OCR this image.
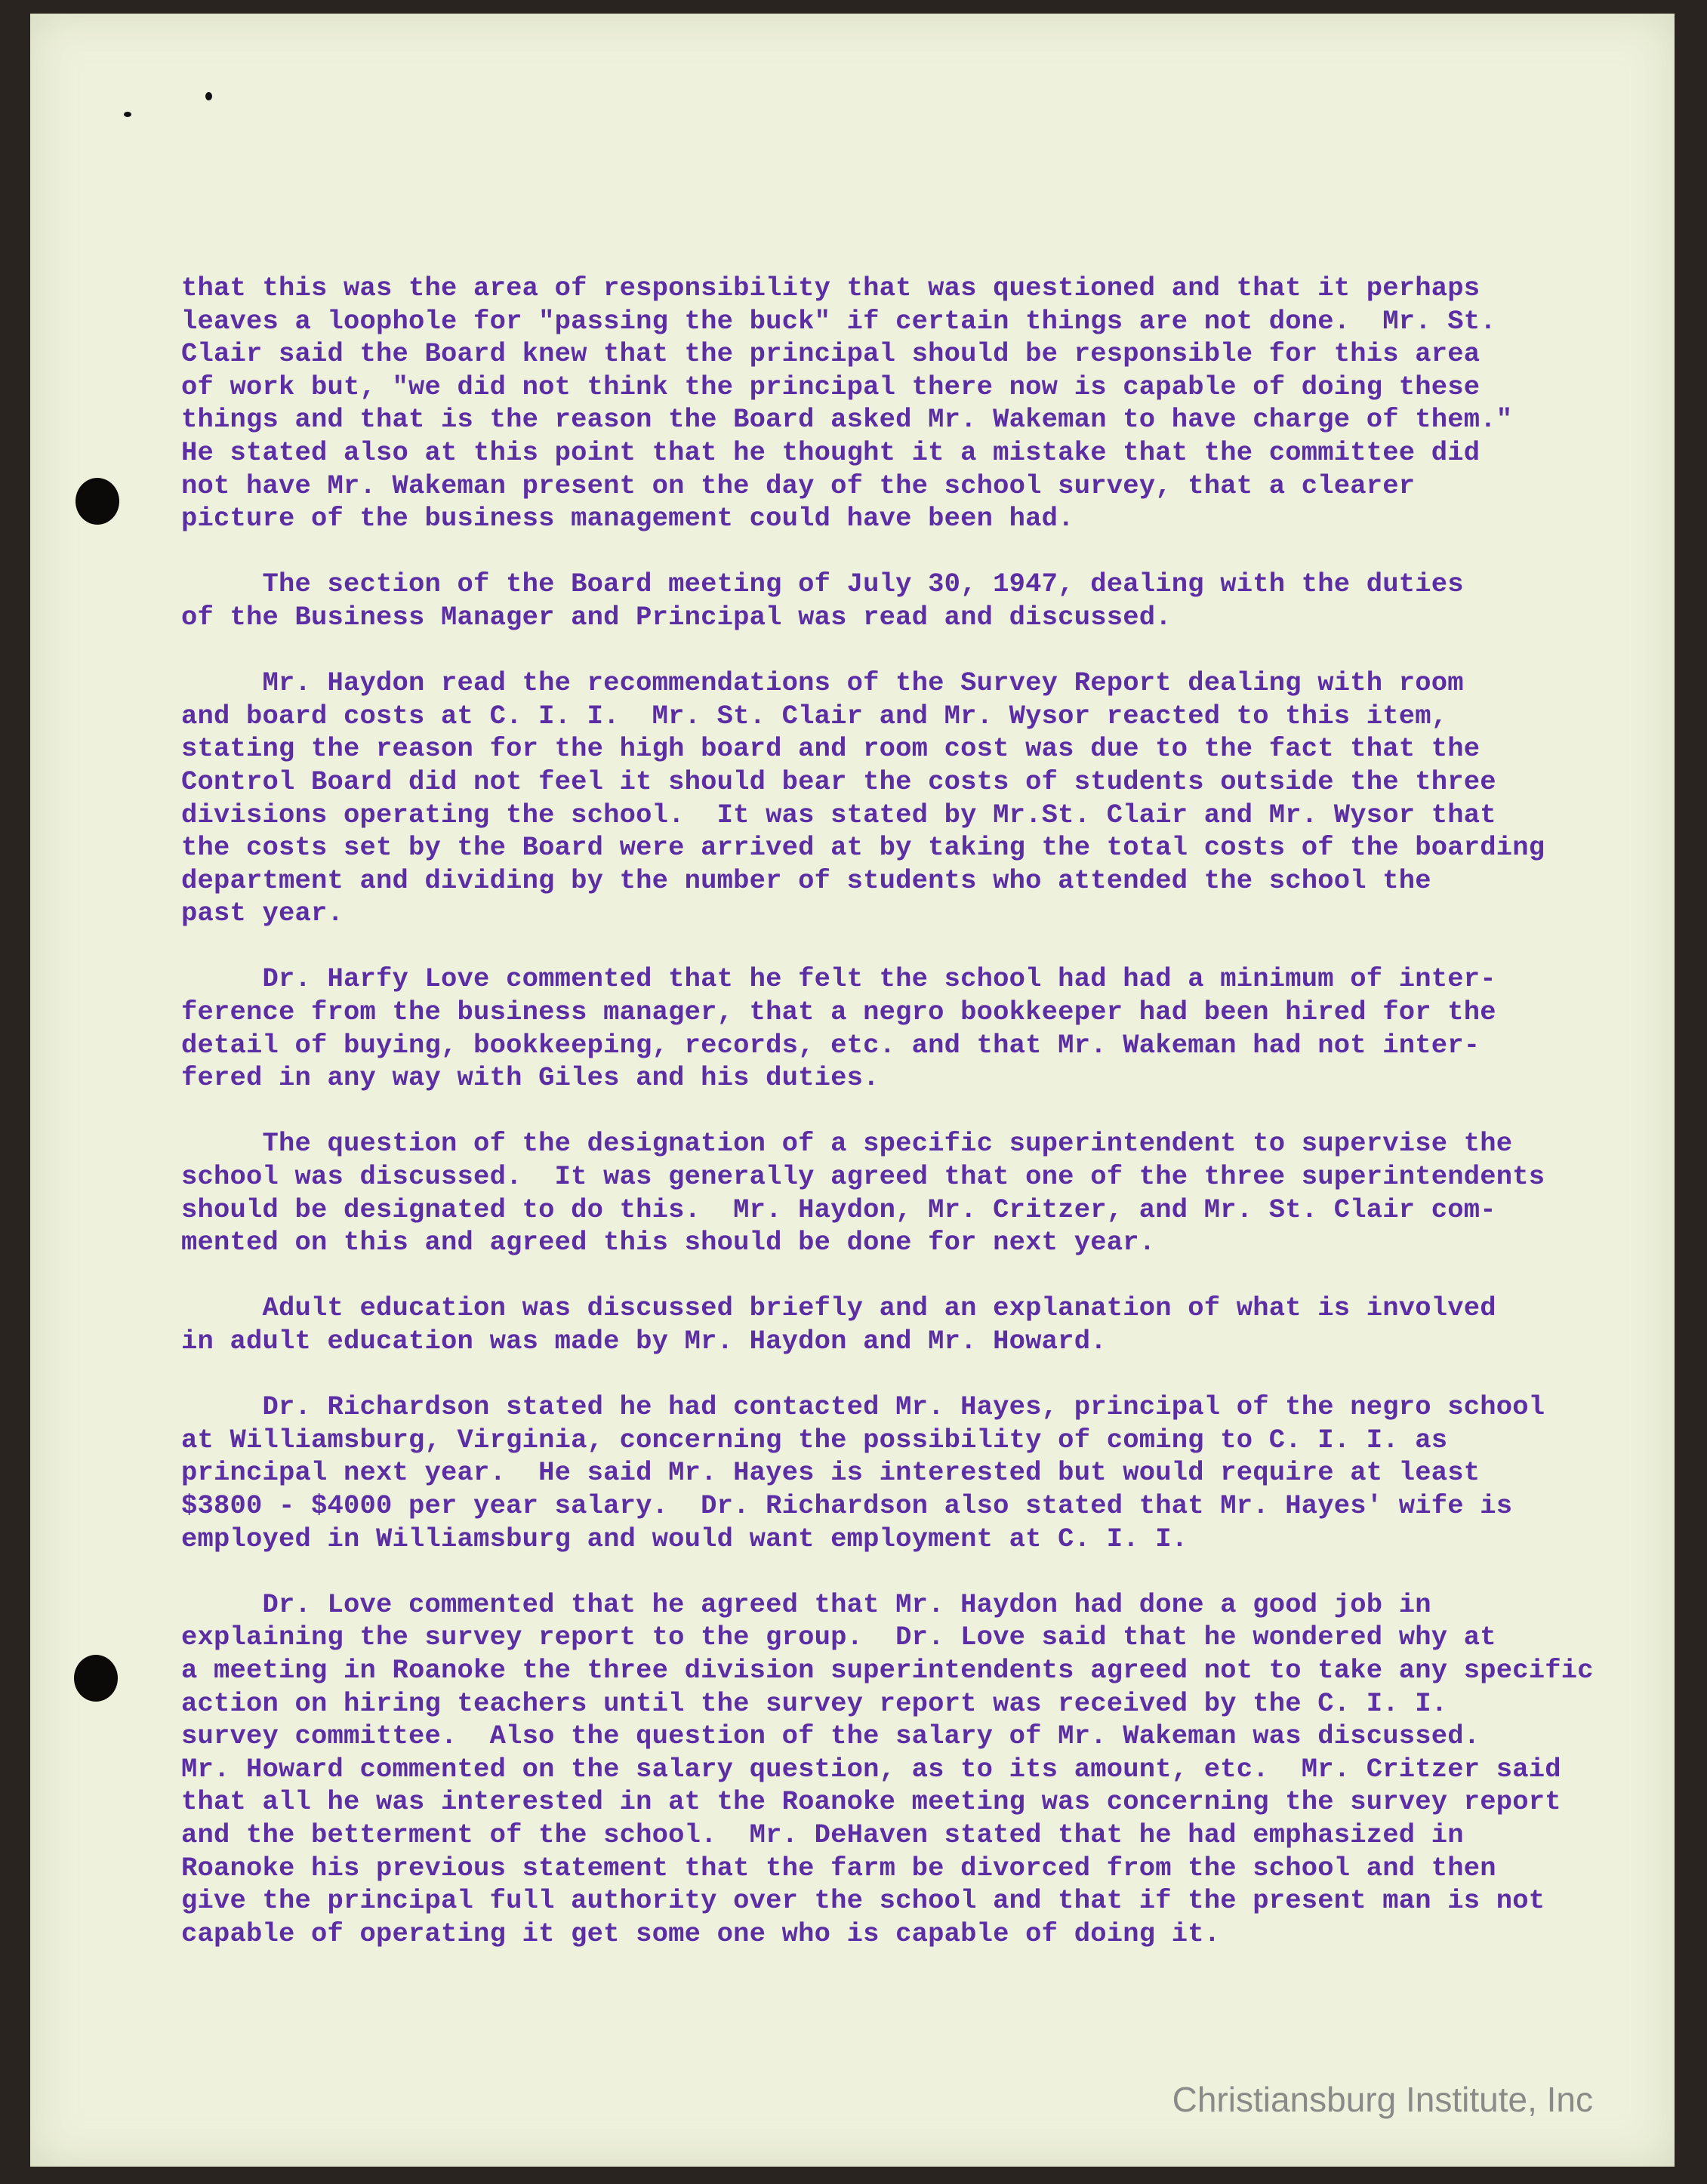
that this was the area of responsibility that was questioned and that it perhaps
leaves a loophole for "passing the buck" if certain things are not done.  Mr. St.
Clair said the Board knew that the principal should be responsible for this area
of work but, "we did not think the principal there now is capable of doing these
things and that is the reason the Board asked Mr. Wakeman to have charge of them."
He stated also at this point that he thought it a mistake that the committee did
not have Mr. Wakeman present on the day of the school survey, that a clearer
picture of the business management could have been had.
The section of the Board meeting of July 30, 1947, dealing with the duties
of the Business Manager and Principal was read and discussed.
Mr. Haydon read the recommendations of the Survey Report dealing with room
and board costs at C. I. I.  Mr. St. Clair and Mr. Wysor reacted to this item,
stating the reason for the high board and room cost was due to the fact that the
Control Board did not feel it should bear the costs of students outside the three
divisions operating the school.  It was stated by Mr.St. Clair and Mr. Wysor that
the costs set by the Board were arrived at by taking the total costs of the boarding
department and dividing by the number of students who attended the school the
past year.
Dr. Harfy Love commented that he felt the school had had a minimum of inter-
ference from the business manager, that a negro bookkeeper had been hired for the
detail of buying, bookkeeping, records, etc. and that Mr. Wakeman had not inter-
fered in any way with Giles and his duties.
The question of the designation of a specific superintendent to supervise the
school was discussed.  It was generally agreed that one of the three superintendents
should be designated to do this.  Mr. Haydon, Mr. Critzer, and Mr. St. Clair com-
mented on this and agreed this should be done for next year.
Adult education was discussed briefly and an explanation of what is involved
in adult education was made by Mr. Haydon and Mr. Howard.
Dr. Richardson stated he had contacted Mr. Hayes, principal of the negro school
at Williamsburg, Virginia, concerning the possibility of coming to C. I. I. as
principal next year.  He said Mr. Hayes is interested but would require at least
$3800 - $4000 per year salary.  Dr. Richardson also stated that Mr. Hayes' wife is
employed in Williamsburg and would want employment at C. I. I.
Dr. Love commented that he agreed that Mr. Haydon had done a good job in
explaining the survey report to the group.  Dr. Love said that he wondered why at
a meeting in Roanoke the three division superintendents agreed not to take any specific
action on hiring teachers until the survey report was received by the C. I. I.
survey committee.  Also the question of the salary of Mr. Wakeman was discussed.
Mr. Howard commented on the salary question, as to its amount, etc.  Mr. Critzer said
that all he was interested in at the Roanoke meeting was concerning the survey report
and the betterment of the school.  Mr. DeHaven stated that he had emphasized in
Roanoke his previous statement that the farm be divorced from the school and then
give the principal full authority over the school and that if the present man is not
capable of operating it get some one who is capable of doing it.
Christiansburg Institute, Inc
